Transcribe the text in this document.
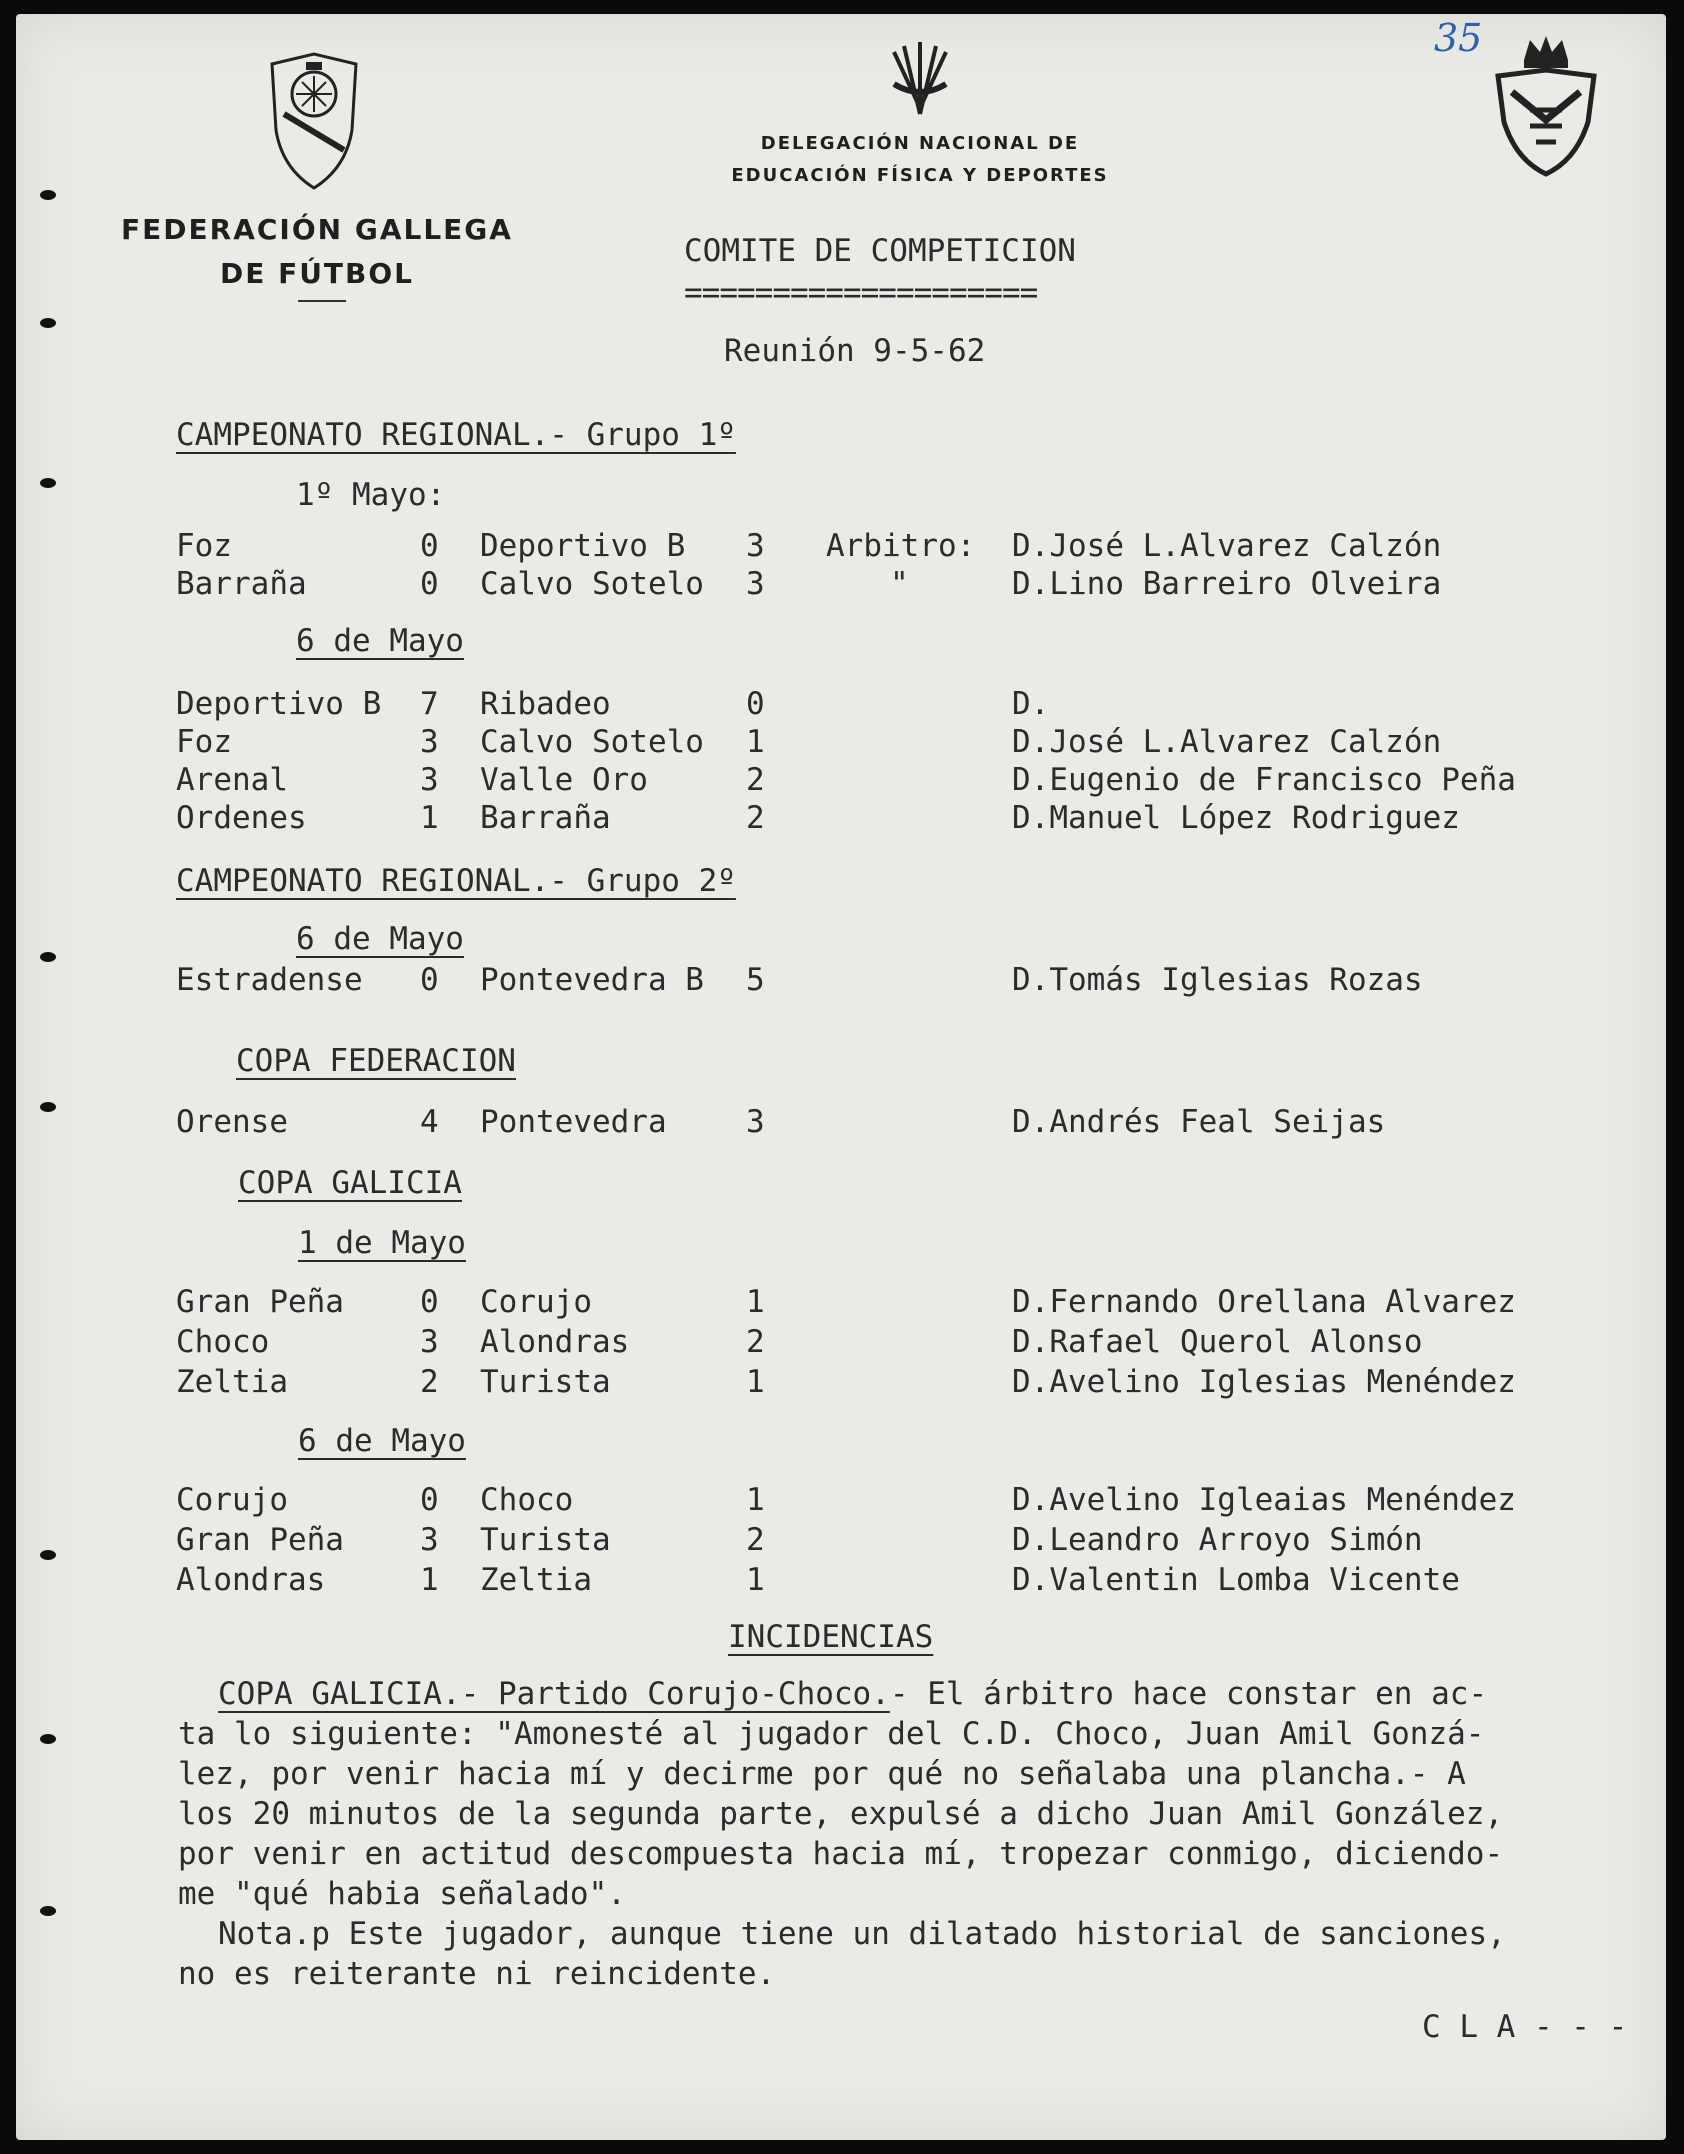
35
FEDERACIÓN GALLEGA
DE FÚTBOL
DELEGACIÓN NACIONAL DE
EDUCACIÓN FÍSICA Y DEPORTES
COMITE DE COMPETICION
====================
Reunión 9-5-62
CAMPEONATO REGIONAL.- Grupo 1º
1º Mayo:
Foz	0 Deportivo B 3 Arbitro: D.José L.Alvarez Calzón
Barraña	0 Calvo Sotelo 3	"	D.Lino Barreiro Olveira
6 de Mayo
Deportivo B 7 Ribadeo	0	D.
Foz	3 Calvo Sotelo 1	D.José L.Alvarez Calzón
Arenal	3 Valle Oro	2	D.Eugenio de Francisco Peña
Ordenes	1 Barraña	2	D.Manuel López Rodriguez
CAMPEONATO REGIONAL.- Grupo 2º
6 de Mayo
Estradense 0 Pontevedra B 5	D.Tomás Iglesias Rozas
COPA FEDERACION
Orense	4 Pontevedra	3	D.Andrés Feal Seijas
COPA GALICIA
1 de Mayo
Gran Peña 0 Corujo	1	D.Fernando Orellana Alvarez
Choco	3 Alondras	2	D.Rafael Querol Alonso
Zeltia	2 Turista	1	D.Avelino Iglesias Menéndez
6 de Mayo
Corujo	0 Choco	1	D.Avelino Igleaias Menéndez
Gran Peña 3 Turista	2	D.Leandro Arroyo Simón
Alondras	1 Zeltia	1	D.Valentin Lomba Vicente
INCIDENCIAS
COPA GALICIA.- Partido Corujo-Choco.- El árbitro hace constar en ac-
ta lo siguiente: "Amonesté al jugador del C.D. Choco, Juan Amil Gonzá-
lez, por venir hacia mí y decirme por qué no señalaba una plancha.- A
los 20 minutos de la segunda parte, expulsé a dicho Juan Amil González,
por venir en actitud descompuesta hacia mí, tropezar conmigo, diciendo-
me "qué habia señalado".
Nota.p Este jugador, aunque tiene un dilatado historial de sanciones,
no es reiterante ni reincidente.
C L A - - -
